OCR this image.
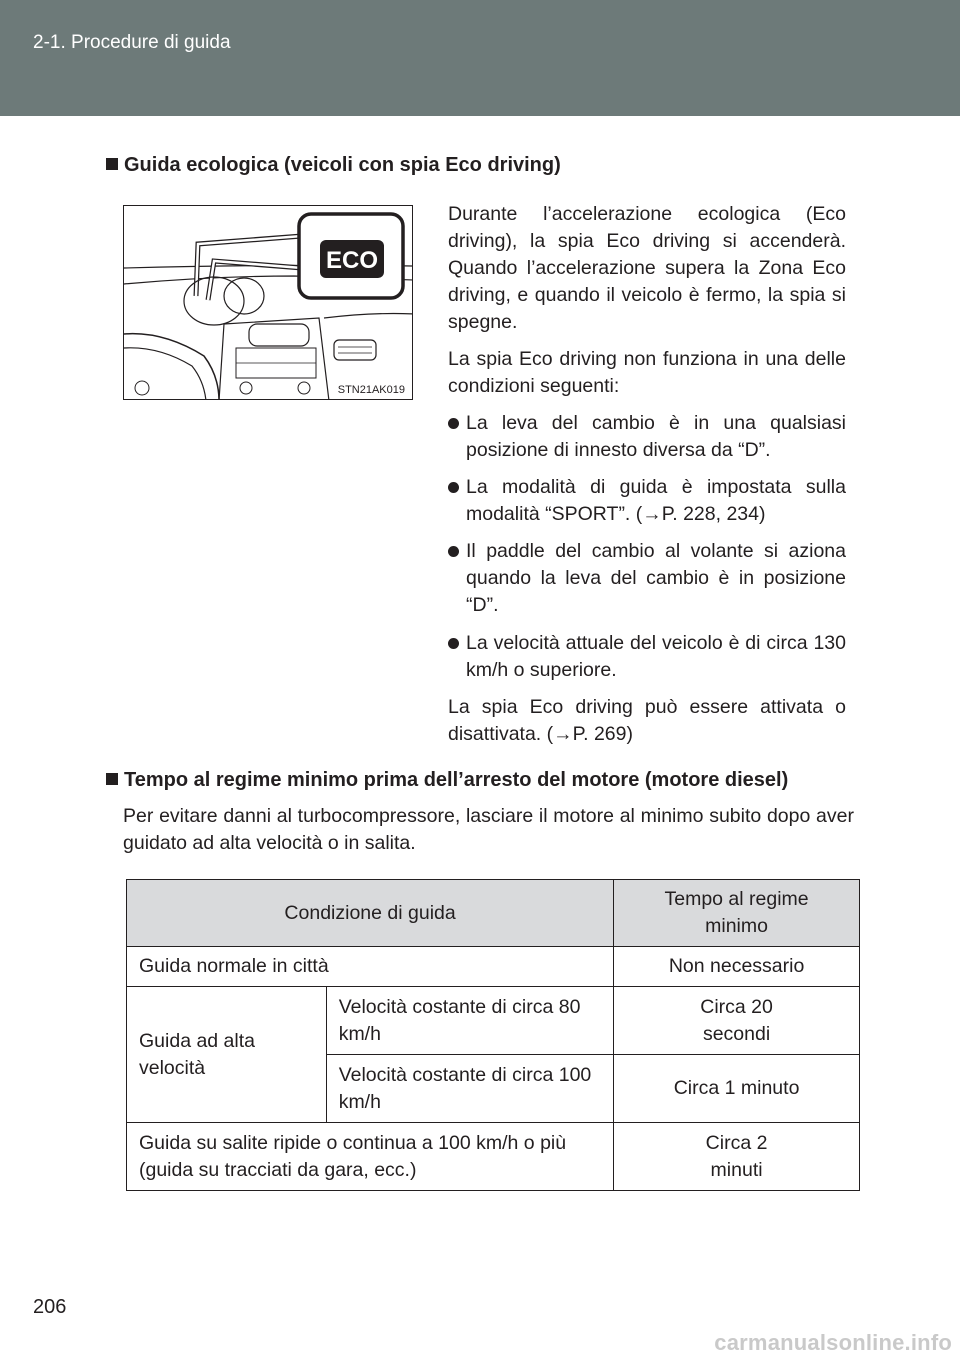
2-1. Procedure di guida
Guida ecologica (veicoli con spia Eco driving)
ECO
STN21AK019

Durante l’accelerazione ecologica (Eco driving), la spia Eco driving si accenderà. Quando l’accelerazione supera la Zona Eco driving, e quando il veicolo è fermo, la spia si spegne.

La spia Eco driving non funziona in una delle condizioni seguenti:

La leva del cambio è in una qualsiasi posizione di innesto diversa da “D”.
La modalità di guida è impostata sulla modalità “SPORT”. (→P. 228, 234)
Il paddle del cambio al volante si aziona quando la leva del cambio è in posizione “D”.
La velocità attuale del veicolo è di circa 130 km/h o superiore.

La spia Eco driving può essere attivata o disattivata. (→P. 269)

Tempo al regime minimo prima dell’arresto del motore (motore diesel)

Per evitare danni al turbocompressore, lasciare il motore al minimo subito dopo aver guidato ad alta velocità o in salita.

Condizione di guida		Tempo al regime minimo
Guida normale in città		Non necessario
Guida ad alta velocità	Velocità costante di circa 80 km/h	Circa 20 secondi
	Velocità costante di circa 100 km/h	Circa 1 minuto
Guida su salite ripide o continua a 100 km/h o più (guida su tracciati da gara, ecc.)		Circa 2 minuti
206
carmanualsonline.info
